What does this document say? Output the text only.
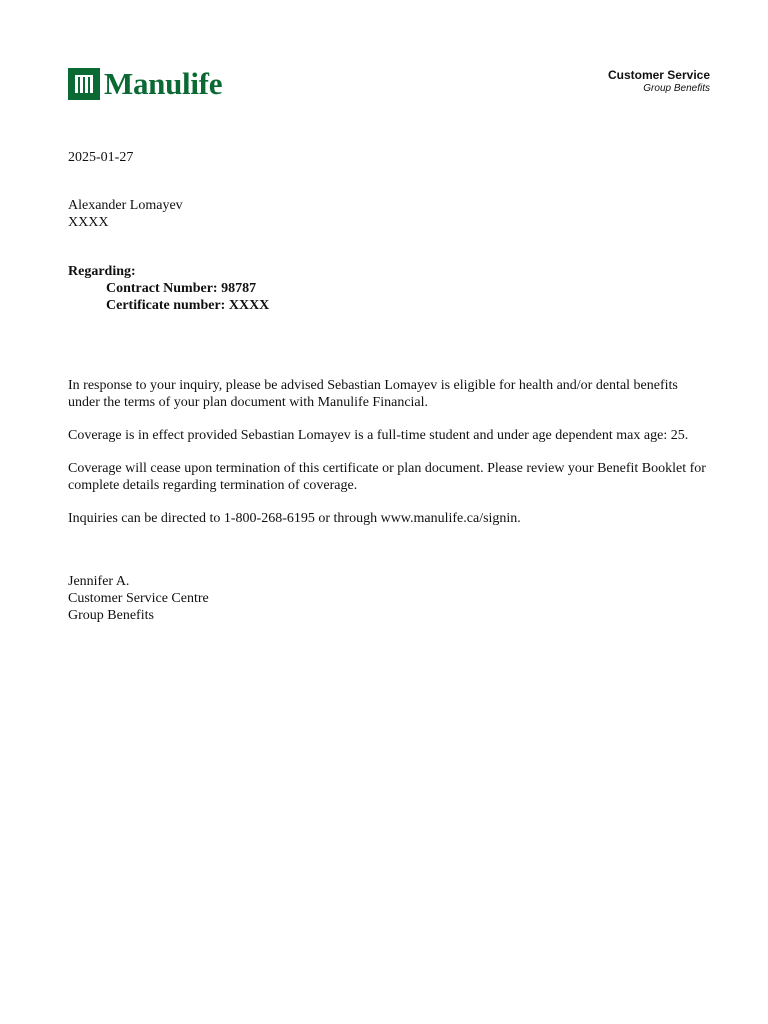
Manulife	Customer Service
Group Benefits
2025-01-27
Alexander Lomayev
XXXX
Regarding:
Contract Number: 98787
Certificate number: XXXX

In response to your inquiry, please be advised Sebastian Lomayev is eligible for health and/or dental benefits under the terms of your plan document with Manulife Financial.

Coverage is in effect provided Sebastian Lomayev is a full-time student and under age dependent max age: 25.

Coverage will cease upon termination of this certificate or plan document. Please review your Benefit Booklet for complete details regarding termination of coverage.

Inquiries can be directed to 1-800-268-6195 or through www.manulife.ca/signin.

Jennifer A.
Customer Service Centre
Group Benefits
